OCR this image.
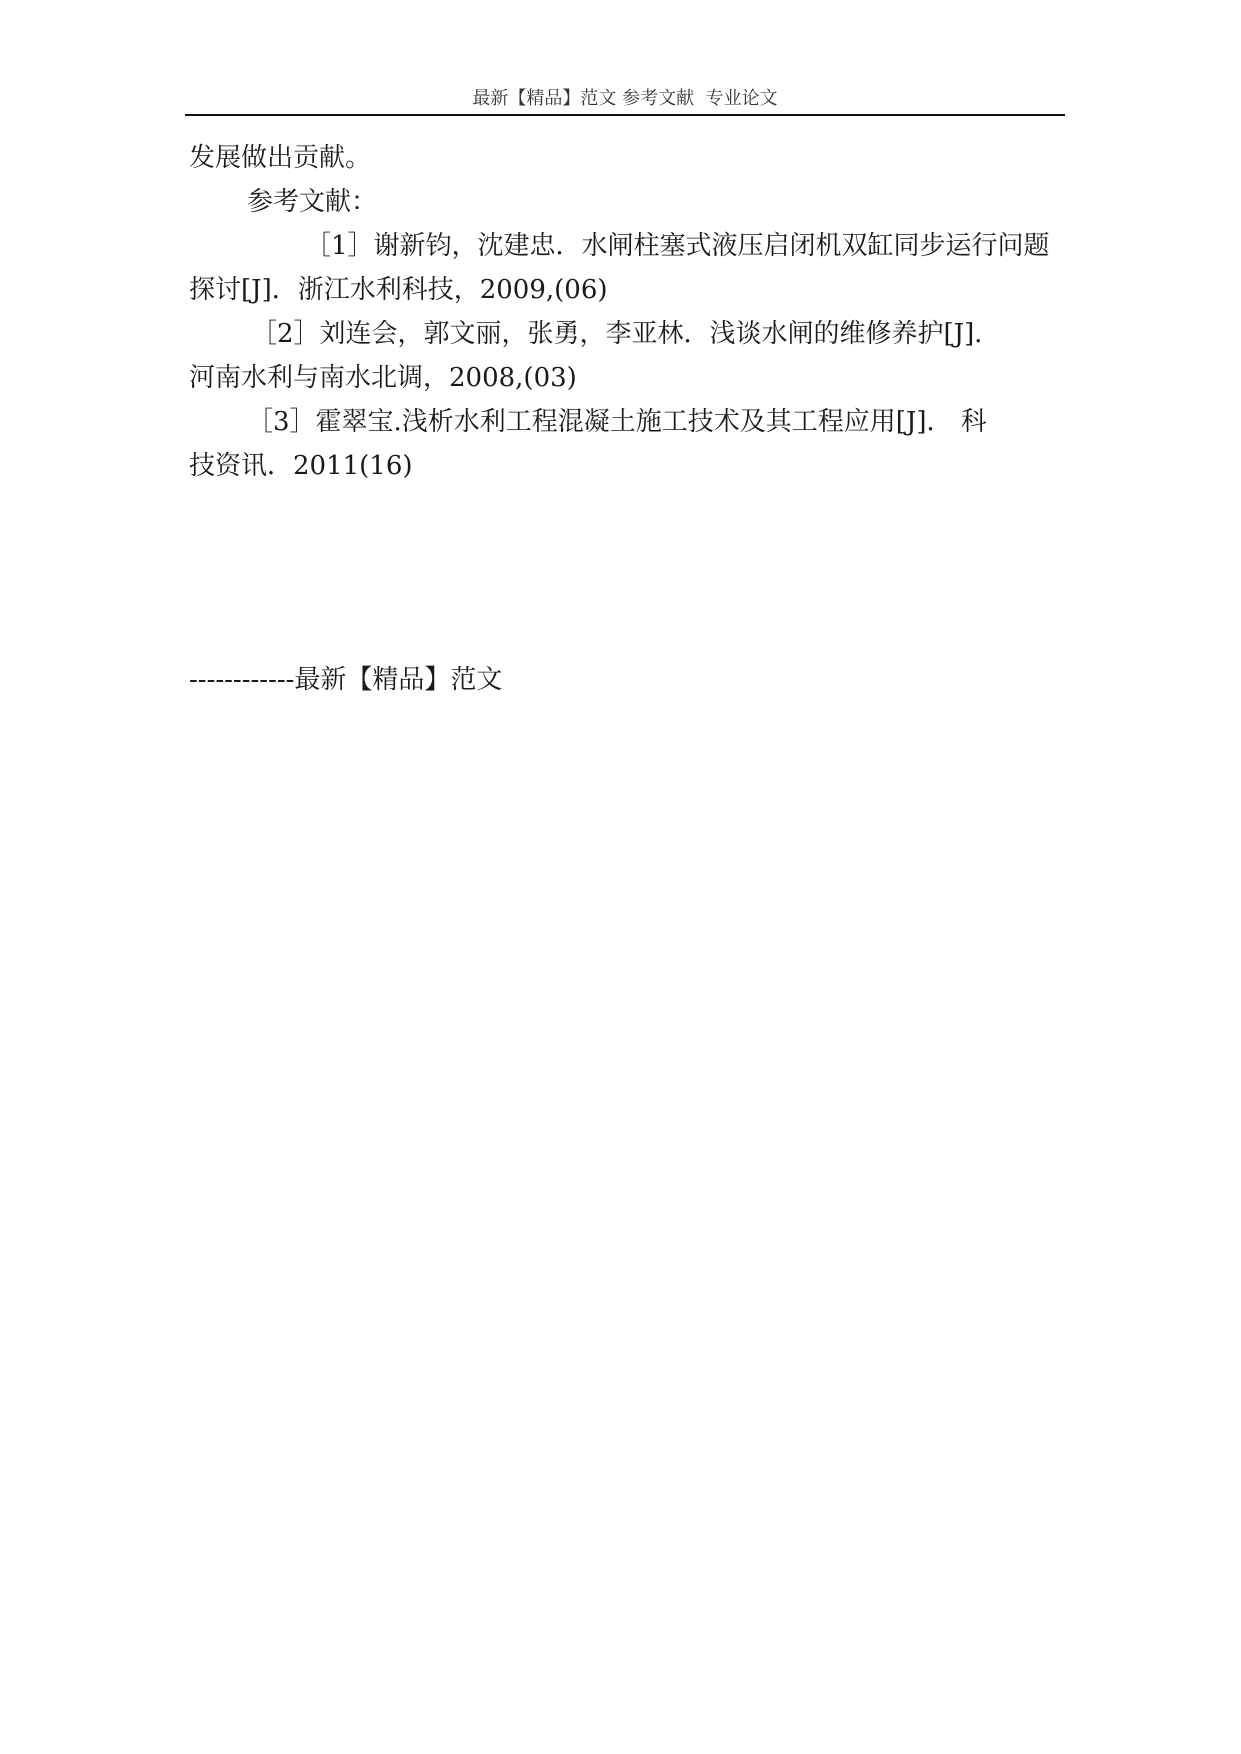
最新【精品】范文 参考文献  专业论文

发展做出贡献。

参考文献：

［1］谢新钧，沈建忠．水闸柱塞式液压启闭机双缸同步运行问题
探讨[J]．浙江水利科技，2009,(06)
［2］刘连会，郭文丽，张勇，李亚林．浅谈水闸的维修养护[J]．
河南水利与南水北调，2008,(03)
［3］霍翠宝.浅析水利工程混凝土施工技术及其工程应用[J]． 科
技资讯．2011(16)
------------最新【精品】范文
